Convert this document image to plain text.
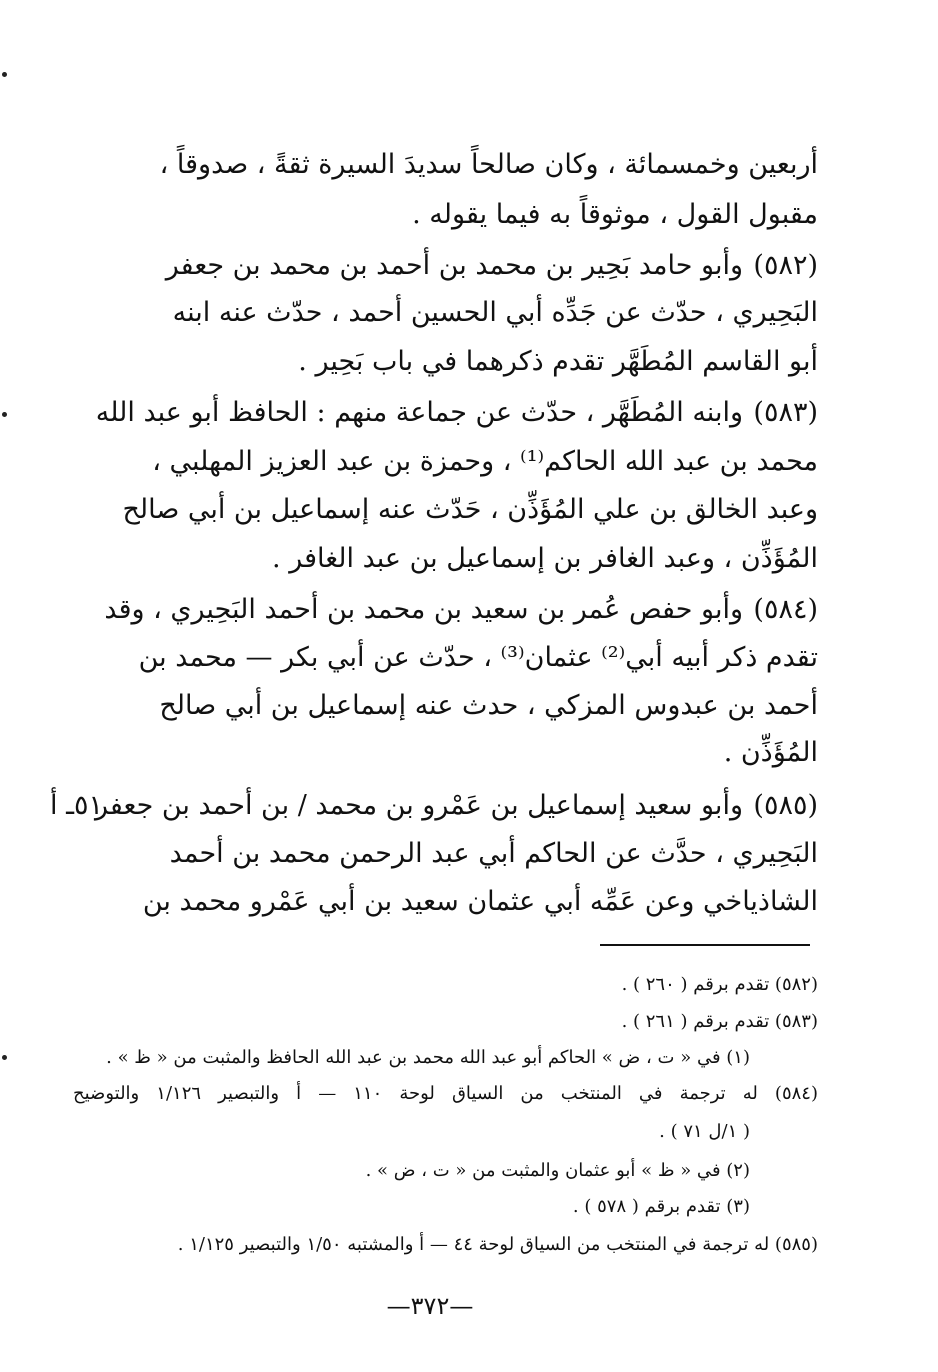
أربعين وخمسمائة ، وكان صالحاً سديدَ السيرة ثقةً ، صدوقاً ،
مقبول القول ، موثوقاً به فيما يقوله .
(٥٨٢)
وأبو حامد بَحِير بن محمد بن أحمد بن محمد بن جعفر
البَحِيري ، حدّث عن جَدِّه أبي الحسين أحمد ، حدّث عنه ابنه
أبو القاسم المُطَهَّر تقدم ذكرهما في باب بَحِير .
(٥٨٣)
وابنه المُطَهَّر ، حدّث عن جماعة منهم : الحافظ أبو عبد الله
محمد بن عبد الله الحاكم⁽¹⁾ ، وحمزة بن عبد العزيز المهلبي ،
وعبد الخالق بن علي المُؤَذِّن ، حَدّث عنه إسماعيل بن أبي صالح
المُؤَذِّن ، وعبد الغافر بن إسماعيل بن عبد الغافر .
(٥٨٤)
وأبو حفص عُمر بن سعيد بن محمد بن أحمد البَحِيري ، وقد
تقدم ذكر أبيه أبي⁽²⁾ عثمان⁽³⁾ ، حدّث عن أبي بكر — محمد بن
أحمد بن عبدوس المزكي ، حدث عنه إسماعيل بن أبي صالح
المُؤَذِّن .
(٥٨٥)
٥١ـ أ
وأبو سعيد إسماعيل بن عَمْرو بن محمد / بن أحمد بن جعفر
البَحِيري ، حدَّث عن الحاكم أبي عبد الرحمن محمد بن أحمد
الشاذياخي وعن عَمِّه أبي عثمان سعيد بن أبي عَمْرو محمد بن
(٥٨٢) تقدم برقم ( ٢٦٠ ) .
(٥٨٣) تقدم برقم ( ٢٦١ ) .
(١) في « ت ، ض » الحاكم أبو عبد الله محمد بن عبد الله الحافظ والمثبت من « ظ » .
(٥٨٤) له ترجمة في المنتخب من السياق لوحة ١١٠ — أ والتبصير ١/١٢٦ والتوضيح
( ١/ل ٧١ ) .
(٢) في « ظ » أبو عثمان والمثبت من « ت ، ض » .
(٣) تقدم برقم ( ٥٧٨ ) .
(٥٨٥) له ترجمة في المنتخب من السياق لوحة ٤٤ — أ والمشتبه ١/٥٠ والتبصير ١/١٢٥ .
—٣٧٢—
